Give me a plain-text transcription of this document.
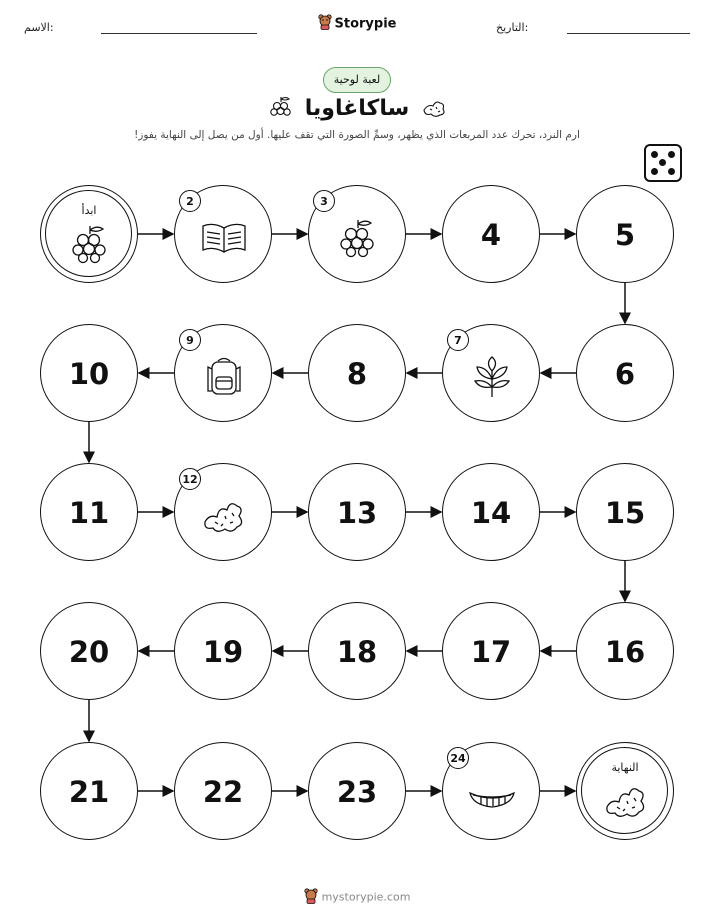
الاسم:	التاريخ:
Storypie
لعبة لوحية
ساكاغاويا
ارم النرد، تحرك عدد المربعات الذي يظهر، وسمِّ الصورة التي تقف عليها. أول من يصل إلى النهاية يفوز!
ابدأ
2	3
4	5
6
7
8
9
10
11
12
13	14	15
16
17
18
19
20
21	22	23
24
النهاية
mystorypie.com
